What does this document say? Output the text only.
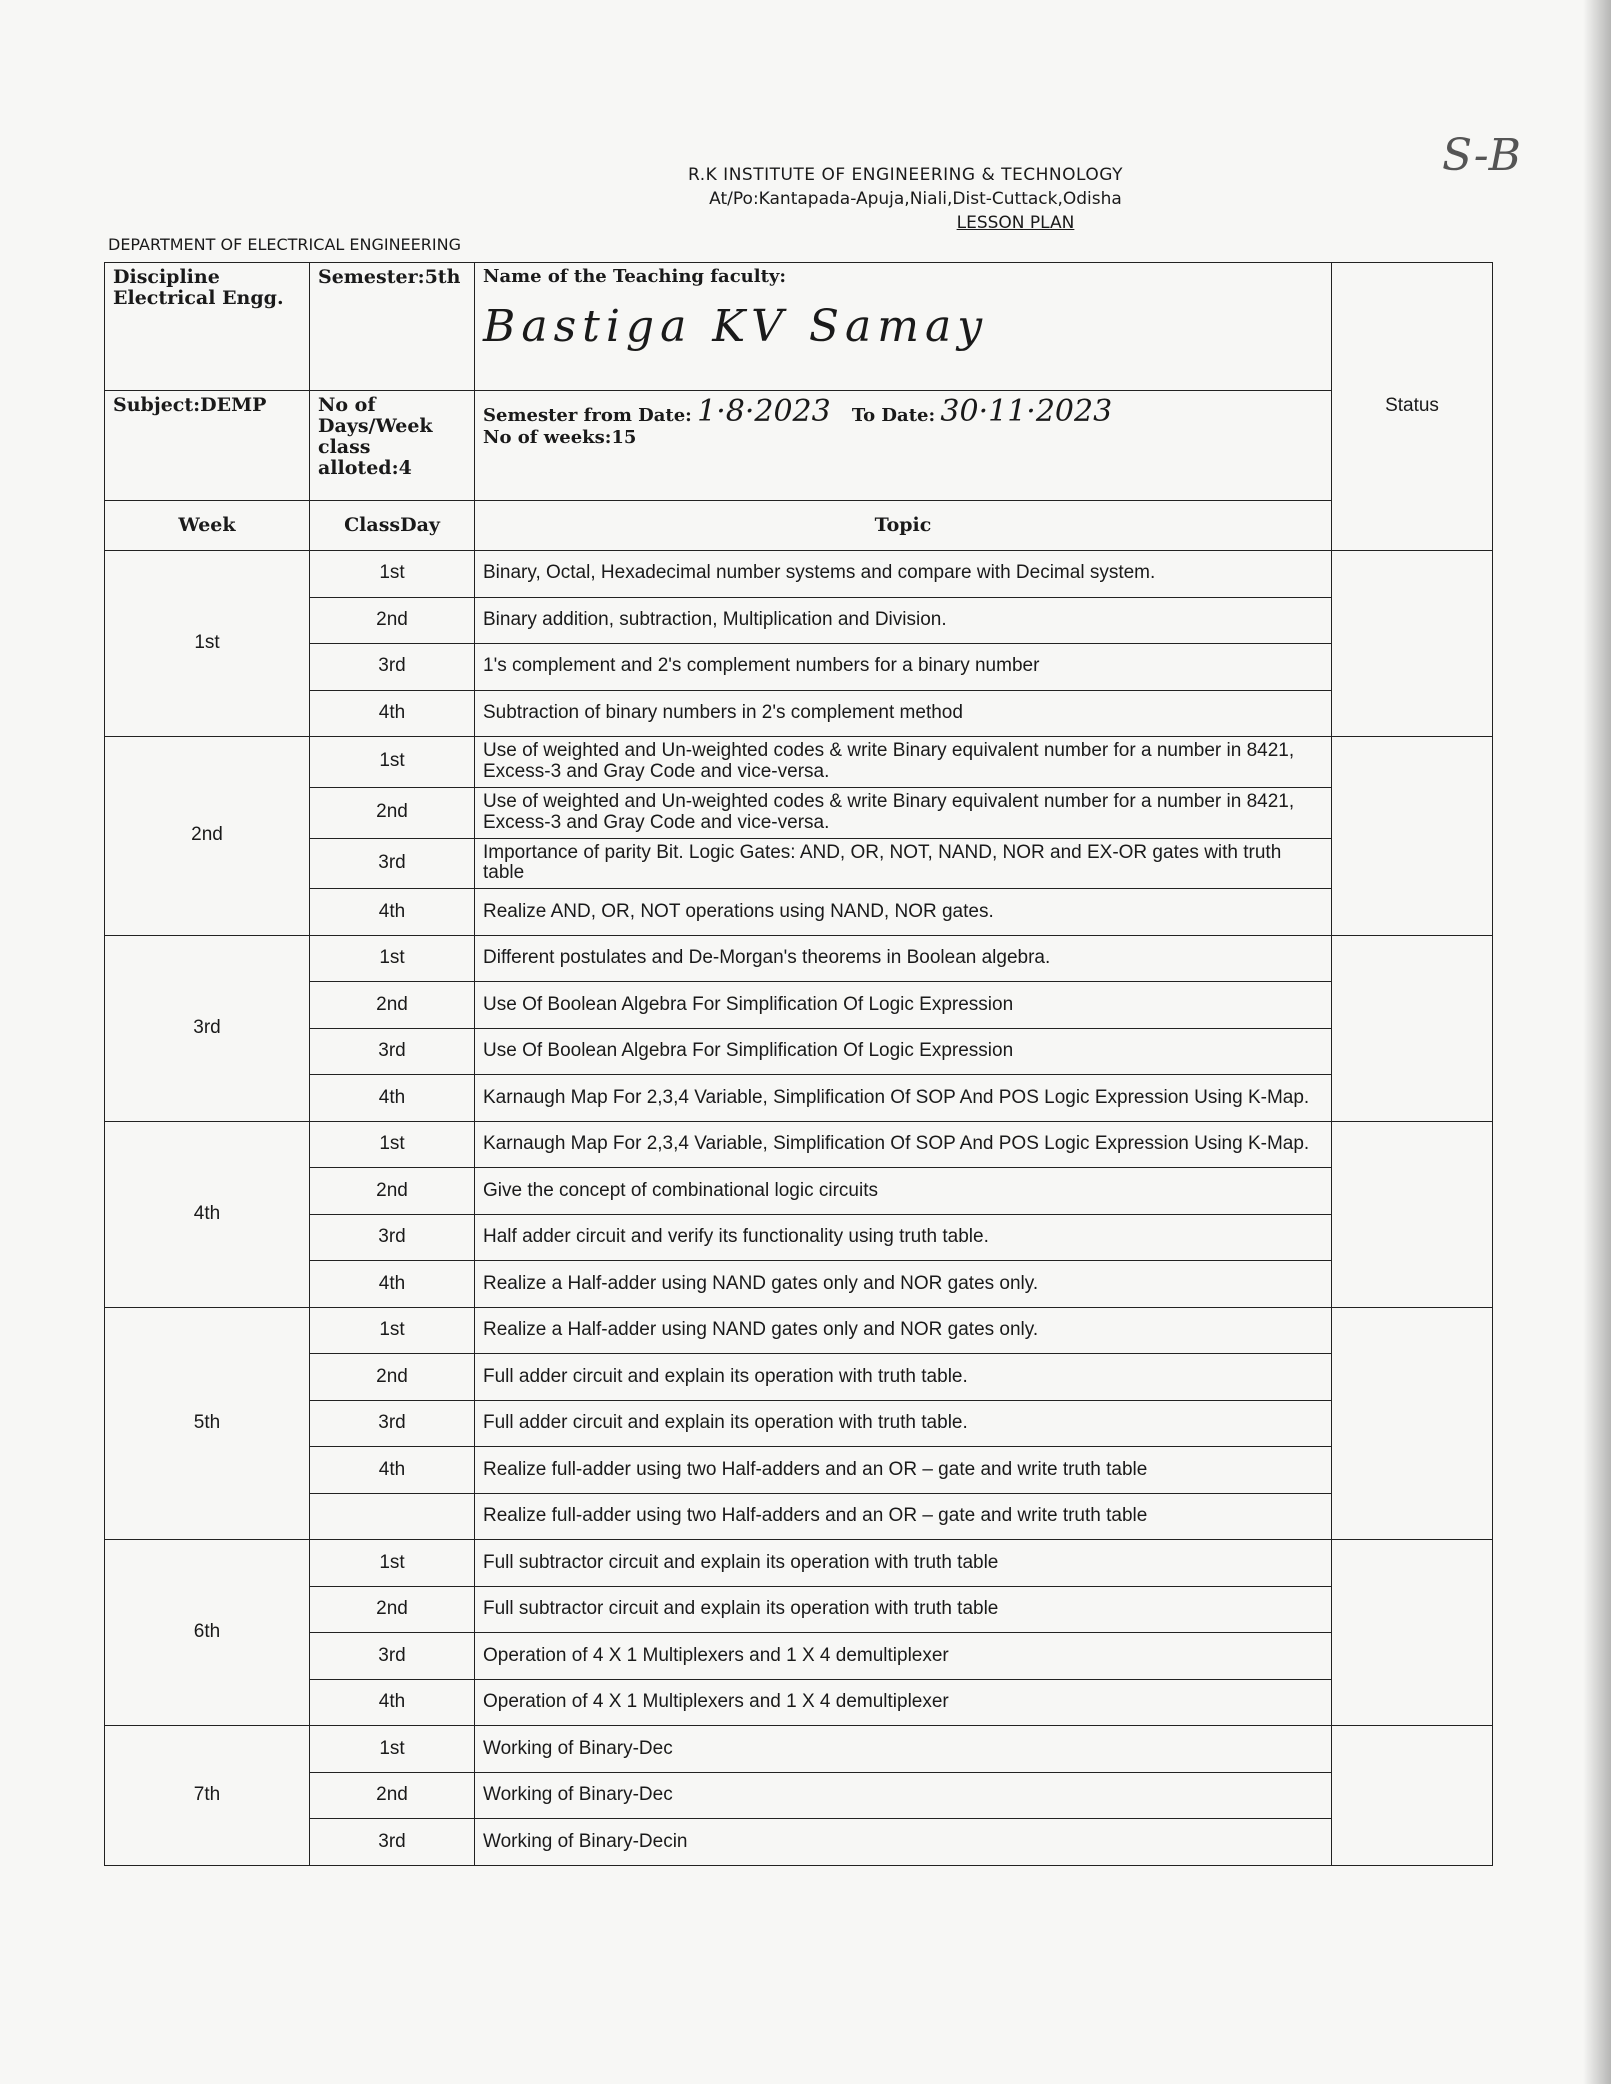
S-B
R.K INSTITUTE OF ENGINEERING & TECHNOLOGY
At/Po:Kantapada-Apuja,Niali,Dist-Cuttack,Odisha
LESSON PLAN
DEPARTMENT OF ELECTRICAL ENGINEERING
Discipline Electrical Engg.	Semester:5th	Name of the Teaching faculty:
Bastiga KV Samay	Status
Subject:DEMP	No of Days/Week class alloted:4	Semester from Date: 1·8·2023 To Date: 30·11·2023
No of weeks:15	

Week	ClassDay	Topic	
1st	1st	Binary, Octal, Hexadecimal number systems and compare with Decimal system.	
	2nd	Binary addition, subtraction, Multiplication and Division.	
	3rd	1's complement and 2's complement numbers for a binary number	
	4th	Subtraction of binary numbers in 2's complement method	
2nd	1st	Use of weighted and Un-weighted codes & write Binary equivalent number for a number in 8421, Excess-3 and Gray Code and vice-versa.	
	2nd	Use of weighted and Un-weighted codes & write Binary equivalent number for a number in 8421, Excess-3 and Gray Code and vice-versa.	
	3rd	Importance of parity Bit. Logic Gates: AND, OR, NOT, NAND, NOR and EX-OR gates with truth table	
	4th	Realize AND, OR, NOT operations using NAND, NOR gates.	
3rd	1st	Different postulates and De-Morgan's theorems in Boolean algebra.	
	2nd	Use Of Boolean Algebra For Simplification Of Logic Expression	
	3rd	Use Of Boolean Algebra For Simplification Of Logic Expression	
	4th	Karnaugh Map For 2,3,4 Variable, Simplification Of SOP And POS Logic Expression Using K-Map.	
4th	1st	Karnaugh Map For 2,3,4 Variable, Simplification Of SOP And POS Logic Expression Using K-Map.	
	2nd	Give the concept of combinational logic circuits	
	3rd	Half adder circuit and verify its functionality using truth table.	
	4th	Realize a Half-adder using NAND gates only and NOR gates only.	
5th	1st	Realize a Half-adder using NAND gates only and NOR gates only.	
	2nd	Full adder circuit and explain its operation with truth table.	
	3rd	Full adder circuit and explain its operation with truth table.	
	4th	Realize full-adder using two Half-adders and an OR – gate and write truth table	
		Realize full-adder using two Half-adders and an OR – gate and write truth table	
6th	1st	Full subtractor circuit and explain its operation with truth table	
	2nd	Full subtractor circuit and explain its operation with truth table	
	3rd	Operation of 4 X 1 Multiplexers and 1 X 4 demultiplexer	
	4th	Operation of 4 X 1 Multiplexers and 1 X 4 demultiplexer	
7th	1st	Working of Binary-Dec	
	2nd	Working of Binary-Dec	
	3rd	Working of Binary-Decin	
